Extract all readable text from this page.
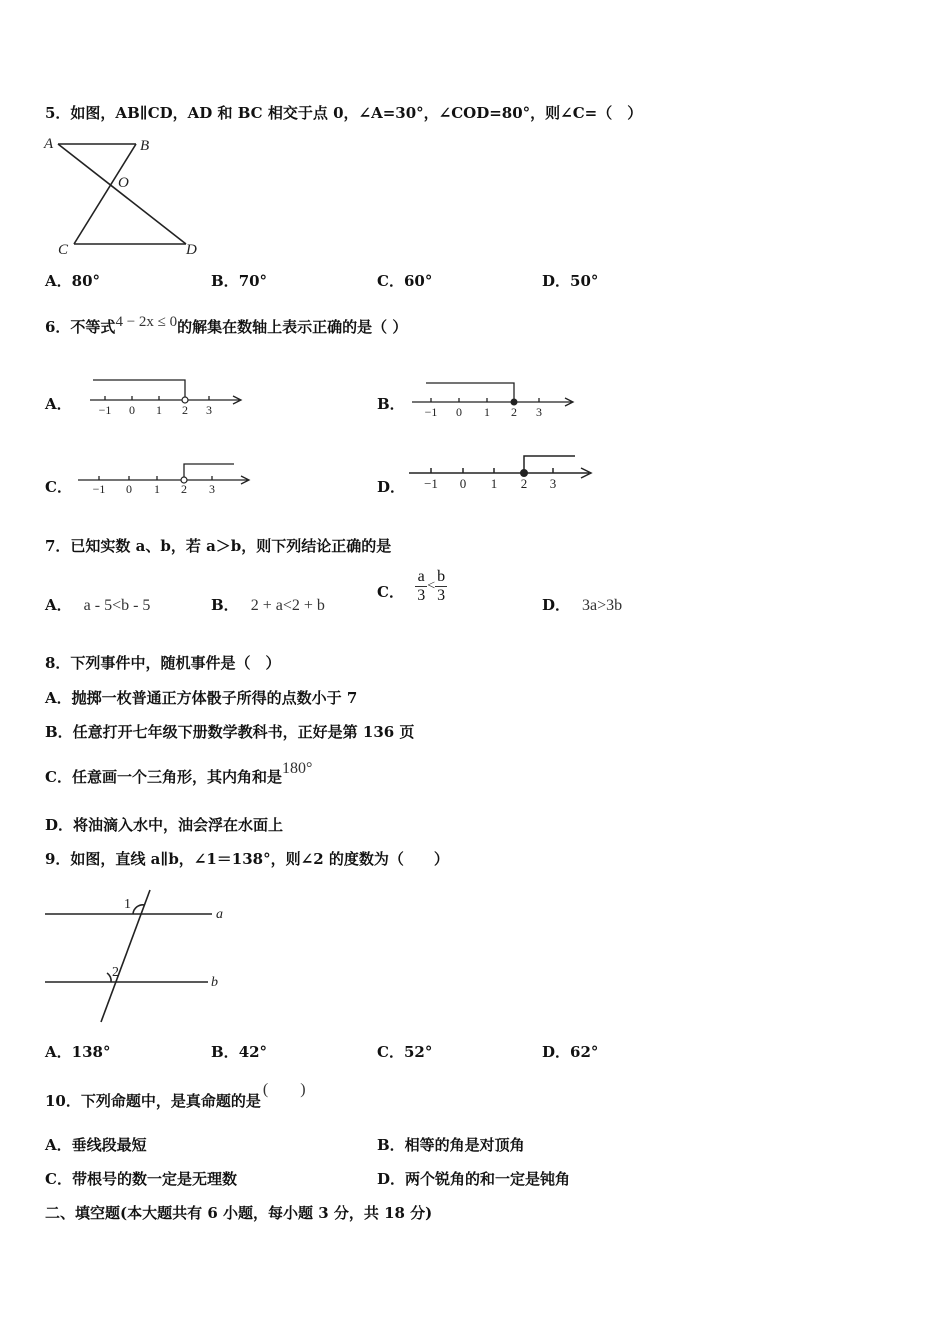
5．如图，AB∥CD，AD 和 BC 相交于点 0，∠A=30°，∠COD=80°，则∠C=（　）
A	B
O
C	D
A．80°	B．70°	C．60°	D．50°
6．不等式4 − 2x ≤ 0的解集在数轴上表示正确的是（ ）
A． −1 0 1 2 3	B． −1 0 1 2 3
C． −1 0 1 2 3	D． −1 0 1 2 3
7．已知实数 a、b，若 a＞b，则下列结论正确的是
A． a - 5<b - 5	B． 2 + a<2 + b
C． $\frac{a}{3} < \frac{b}{3}$	D． 3a>3b
8．下列事件中，随机事件是（　）
A．抛掷一枚普通正方体骰子所得的点数小于 7
B．任意打开七年级下册数学教科书，正好是第 136 页
C．任意画一个三角形，其内角和是180°
D．将油滴入水中，油会浮在水面上
9．如图，直线 a∥b，∠1＝138°，则∠2 的度数为（　　）
1
a
2
b
A．138°	B．42°	C．52°	D．62°
10．下列命题中，是真命题的是(　　)
A．垂线段最短	B．相等的角是对顶角
C．带根号的数一定是无理数	D．两个锐角的和一定是钝角
二、填空题(本大题共有 6 小题，每小题 3 分，共 18 分)
